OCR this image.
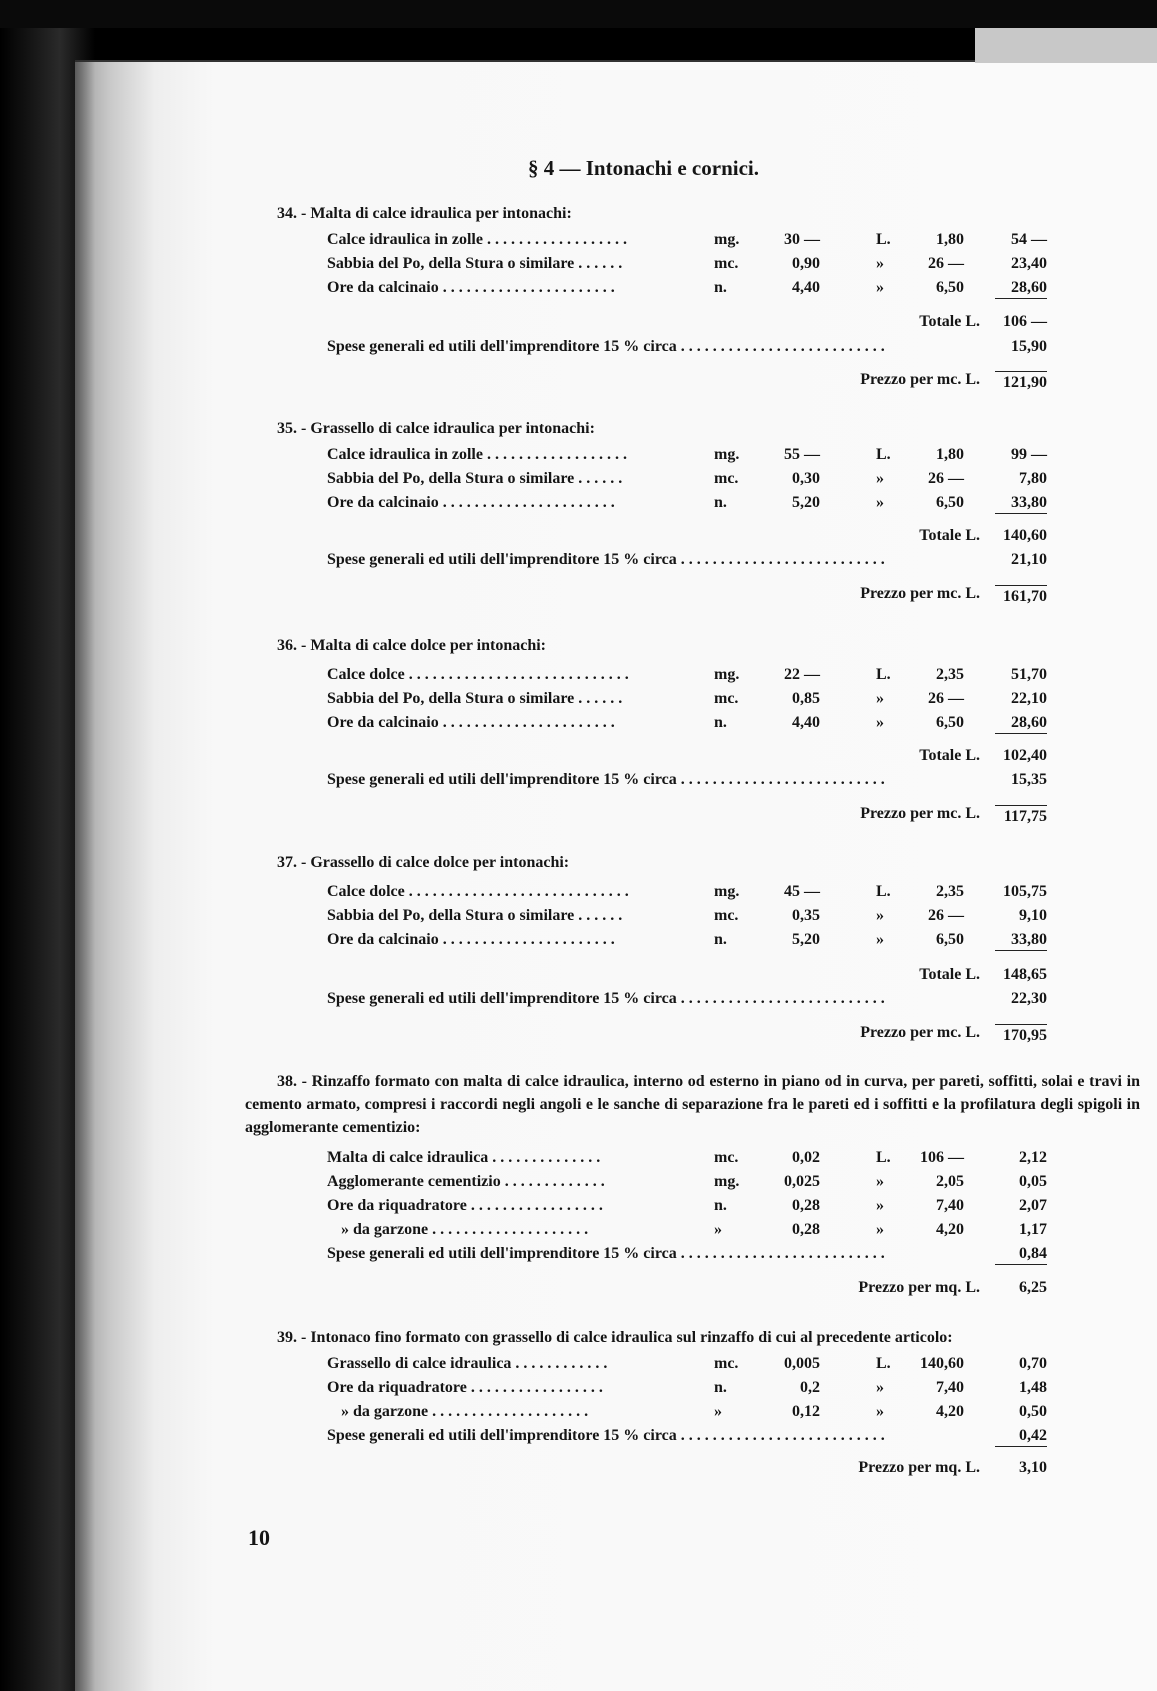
§ 4 — Intonachi e cornici.
34. - Malta di calce idraulica per intonachi:
Calce idraulica in zolle . . . . . . . . . . . . . . . . . .	mg.	30 —	L.	1,80	54 —
Sabbia del Po, della Stura o similare . . . . . .	mc.	0,90	»	26 —	23,40
Ore da calcinaio . . . . . . . . . . . . . . . . . . . . . .	n.	4,40	»	6,50	28,60
Totale L.	106 —
Spese generali ed utili dell'imprenditore 15 % circa . . . . . . . . . . . . . . . . . . . . . . . . . .	15,90
Prezzo per mc. L.	121,90
35. - Grassello di calce idraulica per intonachi:
Calce idraulica in zolle . . . . . . . . . . . . . . . . . .	mg.	55 —	L.	1,80	99 —
Sabbia del Po, della Stura o similare . . . . . .	mc.	0,30	»	26 —	7,80
Ore da calcinaio . . . . . . . . . . . . . . . . . . . . . .	n.	5,20	»	6,50	33,80
Totale L.	140,60
Spese generali ed utili dell'imprenditore 15 % circa . . . . . . . . . . . . . . . . . . . . . . . . . .	21,10
Prezzo per mc. L.	161,70
36. - Malta di calce dolce per intonachi:
Calce dolce . . . . . . . . . . . . . . . . . . . . . . . . . . . .	mg.	22 —	L.	2,35	51,70
Sabbia del Po, della Stura o similare . . . . . .	mc.	0,85	»	26 —	22,10
Ore da calcinaio . . . . . . . . . . . . . . . . . . . . . .	n.	4,40	»	6,50	28,60
Totale L.	102,40
Spese generali ed utili dell'imprenditore 15 % circa . . . . . . . . . . . . . . . . . . . . . . . . . .	15,35
Prezzo per mc. L.	117,75
37. - Grassello di calce dolce per intonachi:
Calce dolce . . . . . . . . . . . . . . . . . . . . . . . . . . . .	mg.	45 —	L.	2,35	105,75
Sabbia del Po, della Stura o similare . . . . . .	mc.	0,35	»	26 —	9,10
Ore da calcinaio . . . . . . . . . . . . . . . . . . . . . .	n.	5,20	»	6,50	33,80
Totale L.	148,65
Spese generali ed utili dell'imprenditore 15 % circa . . . . . . . . . . . . . . . . . . . . . . . . . .	22,30
Prezzo per mc. L.	170,95
38. - Rinzaffo formato con malta di calce idraulica, interno od esterno in piano od in curva, per pareti, soffitti, solai e travi in cemento armato, compresi i raccordi negli angoli e le sanche di separazione fra le pareti ed i soffitti e la profilatura degli spigoli in agglomerante cementizio:
Malta di calce idraulica . . . . . . . . . . . . . .	mc.	0,02	L.	106 —	2,12
Agglomerante cementizio . . . . . . . . . . . . .	mg.	0,025	»	2,05	0,05
Ore da riquadratore . . . . . . . . . . . . . . . . .	n.	0,28	»	7,40	2,07
» da garzone . . . . . . . . . . . . . . . . . . . .	»	0,28	»	4,20	1,17
Spese generali ed utili dell'imprenditore 15 % circa . . . . . . . . . . . . . . . . . . . . . . . . . .	0,84
Prezzo per mq. L.	6,25
39. - Intonaco fino formato con grassello di calce idraulica sul rinzaffo di cui al precedente articolo:
Grassello di calce idraulica . . . . . . . . . . . .	mc.	0,005	L.	140,60	0,70
Ore da riquadratore . . . . . . . . . . . . . . . . .	n.	0,2	»	7,40	1,48
» da garzone . . . . . . . . . . . . . . . . . . . .	»	0,12	»	4,20	0,50
Spese generali ed utili dell'imprenditore 15 % circa . . . . . . . . . . . . . . . . . . . . . . . . . .	0,42
Prezzo per mq. L.	3,10
10
